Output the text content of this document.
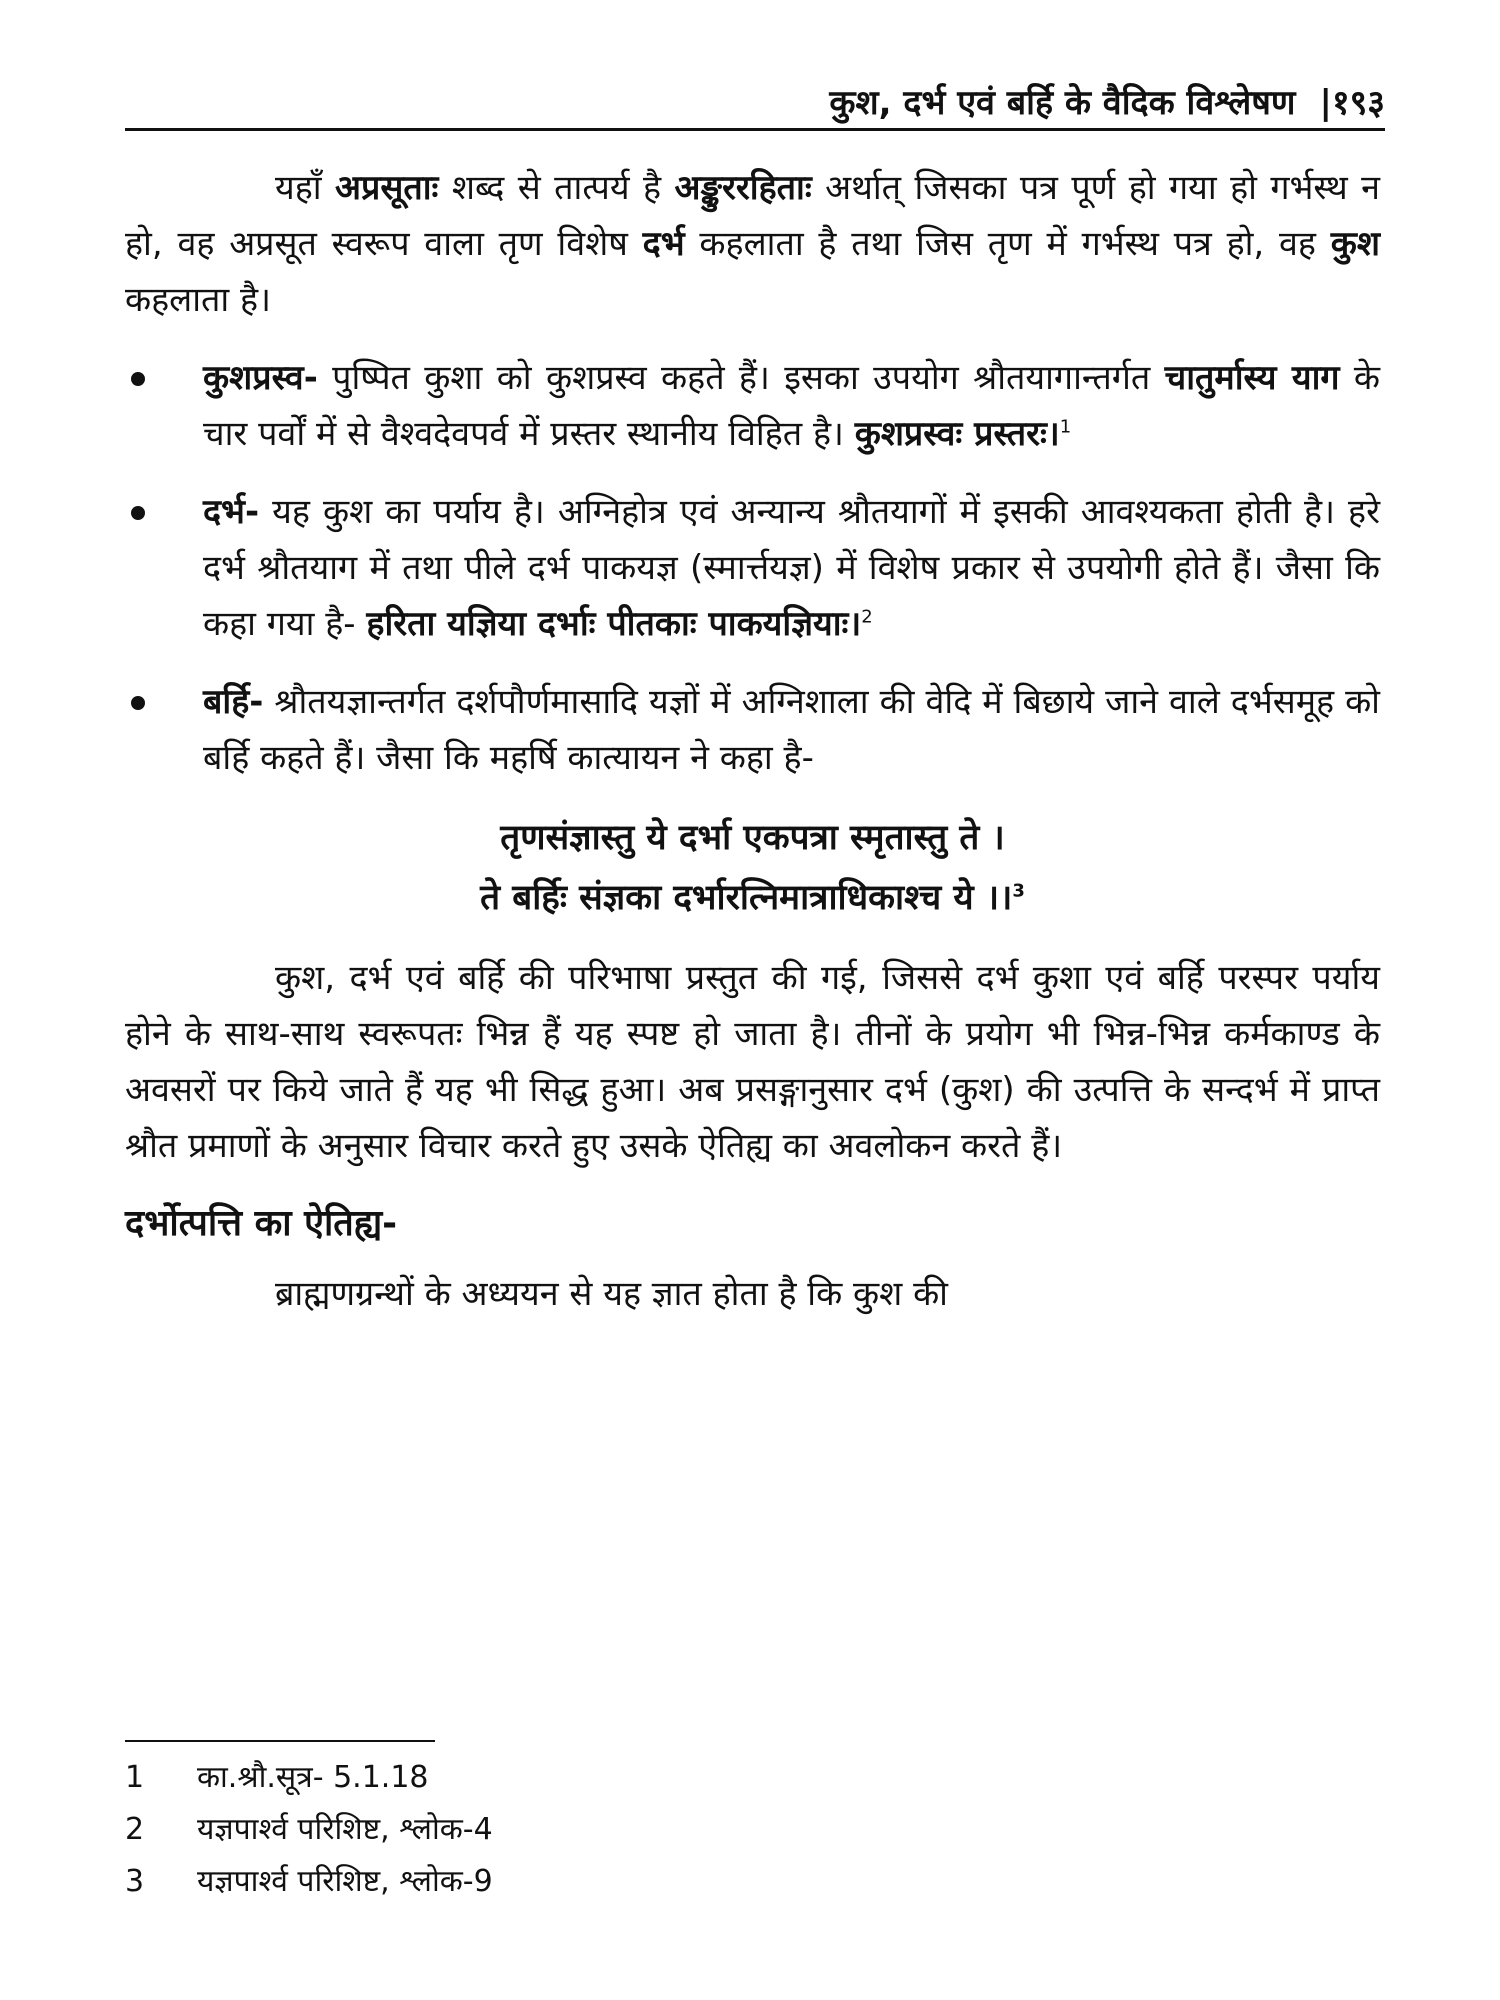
कुश, दर्भ एवं बर्हि के वैदिक विश्लेषण |१९३

यहाँ अप्रसूताः शब्द से तात्पर्य है अङ्कुररहिताः अर्थात् जिसका पत्र पूर्ण हो गया हो गर्भस्थ न हो, वह अप्रसूत स्वरूप वाला तृण विशेष दर्भ कहलाता है तथा जिस तृण में गर्भस्थ पत्र हो, वह कुश कहलाता है।

कुशप्रस्व- पुष्पित कुशा को कुशप्रस्व कहते हैं। इसका उपयोग श्रौतयागान्तर्गत चातुर्मास्य याग के चार पर्वों में से वैश्वदेवपर्व में प्रस्तर स्थानीय विहित है। कुशप्रस्वः प्रस्तरः।$^1$
दर्भ- यह कुश का पर्याय है। अग्निहोत्र एवं अन्यान्य श्रौतयागों में इसकी आवश्यकता होती है। हरे दर्भ श्रौतयाग में तथा पीले दर्भ पाकयज्ञ (स्मार्त्तयज्ञ) में विशेष प्रकार से उपयोगी होते हैं। जैसा कि कहा गया है- हरिता यज्ञिया दर्भाः पीतकाः पाकयज्ञियाः।$^2$
बर्हि- श्रौतयज्ञान्तर्गत दर्शपौर्णमासादि यज्ञों में अग्निशाला की वेदि में बिछाये जाने वाले दर्भसमूह को बर्हि कहते हैं। जैसा कि महर्षि कात्यायन ने कहा है-
तृणसंज्ञास्तु ये दर्भा एकपत्रा स्मृतास्तु ते ।
ते बर्हिः संज्ञका दर्भारत्निमात्राधिकाश्च ये ।।$^3$

कुश, दर्भ एवं बर्हि की परिभाषा प्रस्तुत की गई, जिससे दर्भ कुशा एवं बर्हि परस्पर पर्याय होने के साथ-साथ स्वरूपतः भिन्न हैं यह स्पष्ट हो जाता है। तीनों के प्रयोग भी भिन्न-भिन्न कर्मकाण्ड के अवसरों पर किये जाते हैं यह भी सिद्ध हुआ। अब प्रसङ्गानुसार दर्भ (कुश) की उत्पत्ति के सन्दर्भ में प्राप्त श्रौत प्रमाणों के अनुसार विचार करते हुए उसके ऐतिह्य का अवलोकन करते हैं।

दर्भोत्पत्ति का ऐतिह्य-

ब्राह्मणग्रन्थों के अध्ययन से यह ज्ञात होता है कि कुश की

1 का.श्रौ.सूत्र- 5.1.18
2 यज्ञपार्श्व परिशिष्ट, श्लोक-4
3 यज्ञपार्श्व परिशिष्ट, श्लोक-9
